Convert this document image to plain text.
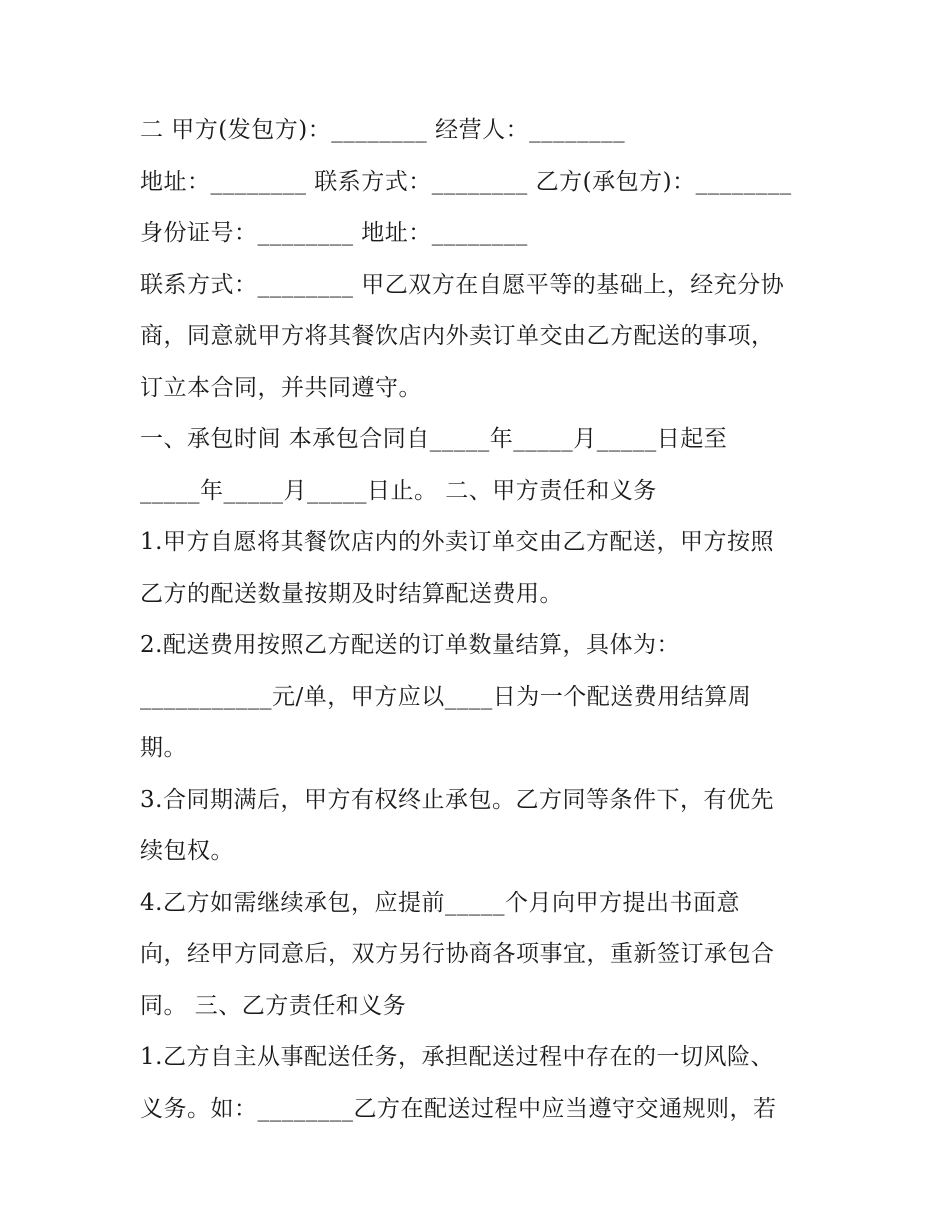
二 甲方(发包方)：________ 经营人：________
地址：________ 联系方式：________ 乙方(承包方)：________
身份证号：________ 地址：________
联系方式：________ 甲乙双方在自愿平等的基础上，经充分协
商，同意就甲方将其餐饮店内外卖订单交由乙方配送的事项，
订立本合同，并共同遵守。
一、承包时间 本承包合同自_____年_____月_____日起至
_____年_____月_____日止。 二、甲方责任和义务
1.甲方自愿将其餐饮店内的外卖订单交由乙方配送，甲方按照
乙方的配送数量按期及时结算配送费用。
2.配送费用按照乙方配送的订单数量结算，具体为：
___________元/单，甲方应以____日为一个配送费用结算周
期。
3.合同期满后，甲方有权终止承包。乙方同等条件下，有优先
续包权。
4.乙方如需继续承包，应提前_____个月向甲方提出书面意
向，经甲方同意后，双方另行协商各项事宜，重新签订承包合
同。 三、乙方责任和义务
1.乙方自主从事配送任务，承担配送过程中存在的一切风险、
义务。如：________乙方在配送过程中应当遵守交通规则，若
